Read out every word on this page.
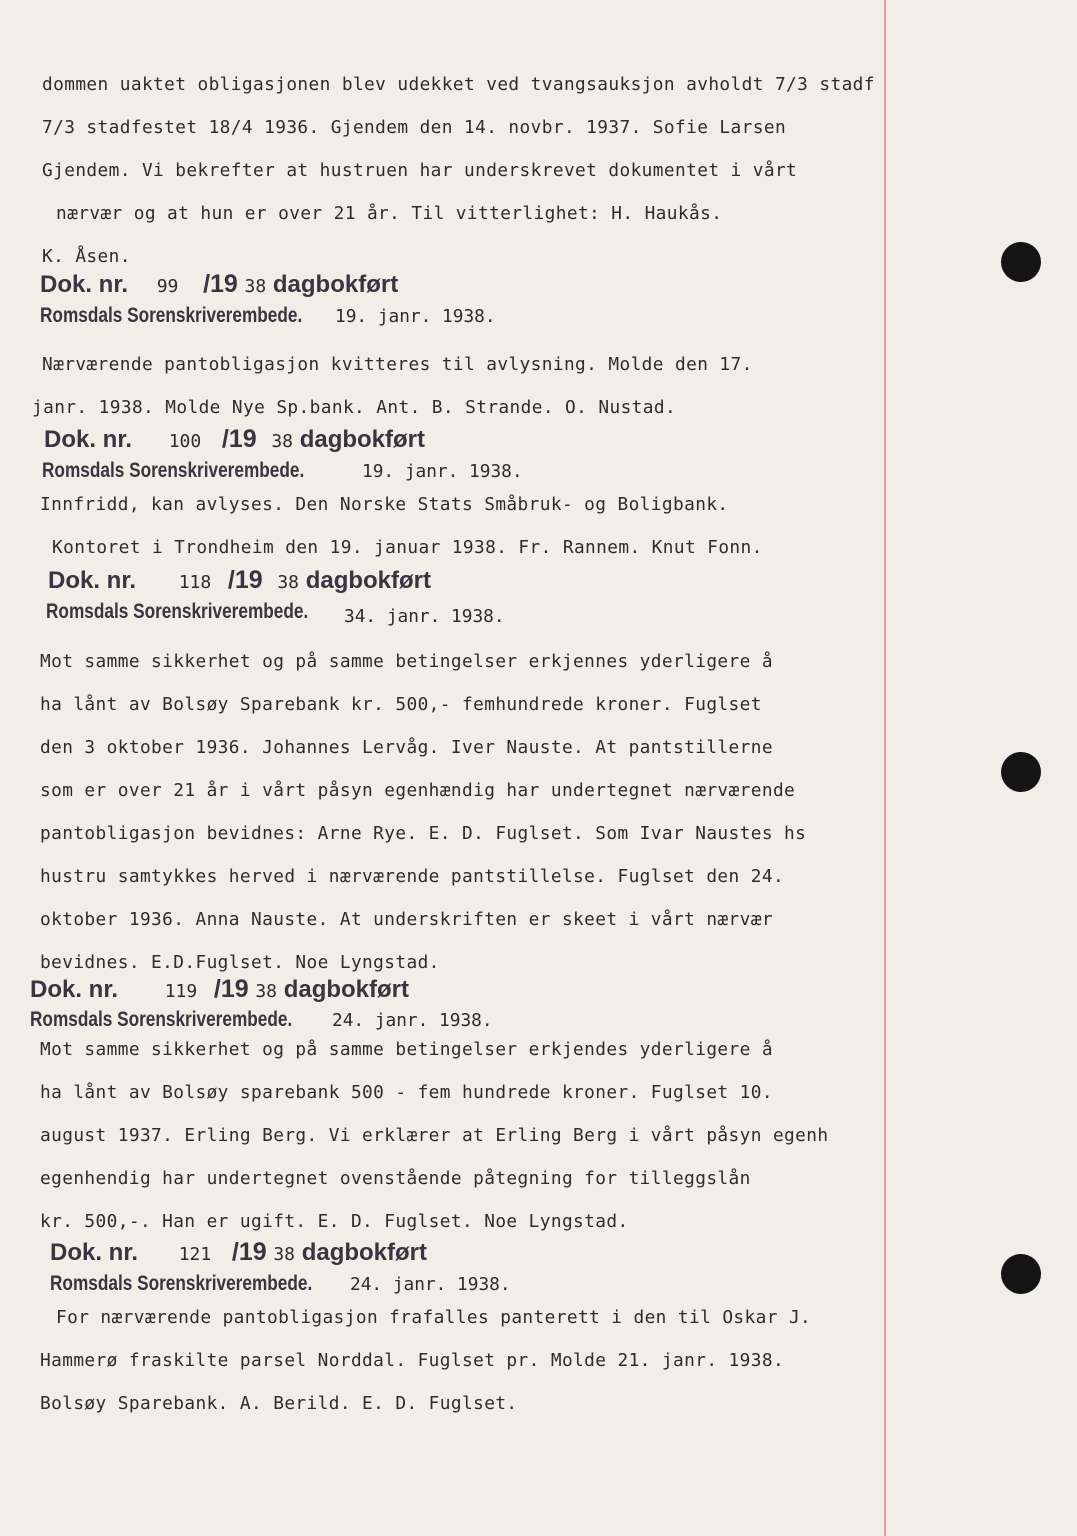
dommen uaktet obligasjonen blev udekket ved tvangsauksjon avholdt 7/3 stadf
7/3 stadfestet 18/4 1936. Gjendem den 14. novbr. 1937. Sofie Larsen
Gjendem. Vi bekrefter at hustruen har underskrevet dokumentet i vårt
nærvær og at hun er over 21 år. Til vitterlighet: H. Haukås.
K. Åsen.
Dok. nr. 99 /19 38 dagbokført
Romsdals Sorenskriverembede. 19. janr. 1938.
Nærværende pantobligasjon kvitteres til avlysning. Molde den 17.
janr. 1938. Molde Nye Sp.bank. Ant. B. Strande. O. Nustad.
Dok. nr. 100 /19 38 dagbokført
Romsdals Sorenskriverembede.	19. janr. 1938.
Innfridd, kan avlyses. Den Norske Stats Småbruk- og Boligbank.
Kontoret i Trondheim den 19. januar 1938. Fr. Rannem. Knut Fonn.
Dok. nr. 118 /19 38 dagbokført
Romsdals Sorenskriverembede. 34. janr. 1938.
Mot samme sikkerhet og på samme betingelser erkjennes yderligere å
ha lånt av Bolsøy Sparebank kr. 500,- femhundrede kroner. Fuglset
den 3 oktober 1936. Johannes Lervåg. Iver Nauste. At pantstillerne
som er over 21 år i vårt påsyn egenhændig har undertegnet nærværende
pantobligasjon bevidnes: Arne Rye. E. D. Fuglset. Som Ivar Naustes hs
hustru samtykkes herved i nærværende pantstillelse. Fuglset den 24.
oktober 1936. Anna Nauste. At underskriften er skeet i vårt nærvær
bevidnes. E.D.Fuglset. Noe Lyngstad.
Dok. nr.	119 /19 38 dagbokført
Romsdals Sorenskriverembede. 24. janr. 1938.
Mot samme sikkerhet og på samme betingelser erkjendes yderligere å
ha lånt av Bolsøy sparebank 500 - fem hundrede kroner. Fuglset 10.
august 1937. Erling Berg. Vi erklærer at Erling Berg i vårt påsyn egenh
egenhendig har undertegnet ovenstående påtegning for tilleggslån
kr. 500,-. Han er ugift. E. D. Fuglset. Noe Lyngstad.
Dok. nr. 121 /19 38 dagbokført
Romsdals Sorenskriverembede. 24. janr. 1938.
For nærværende pantobligasjon frafalles panterett i den til Oskar J.
Hammerø fraskilte parsel Norddal. Fuglset pr. Molde 21. janr. 1938.
Bolsøy Sparebank. A. Berild. E. D. Fuglset.
